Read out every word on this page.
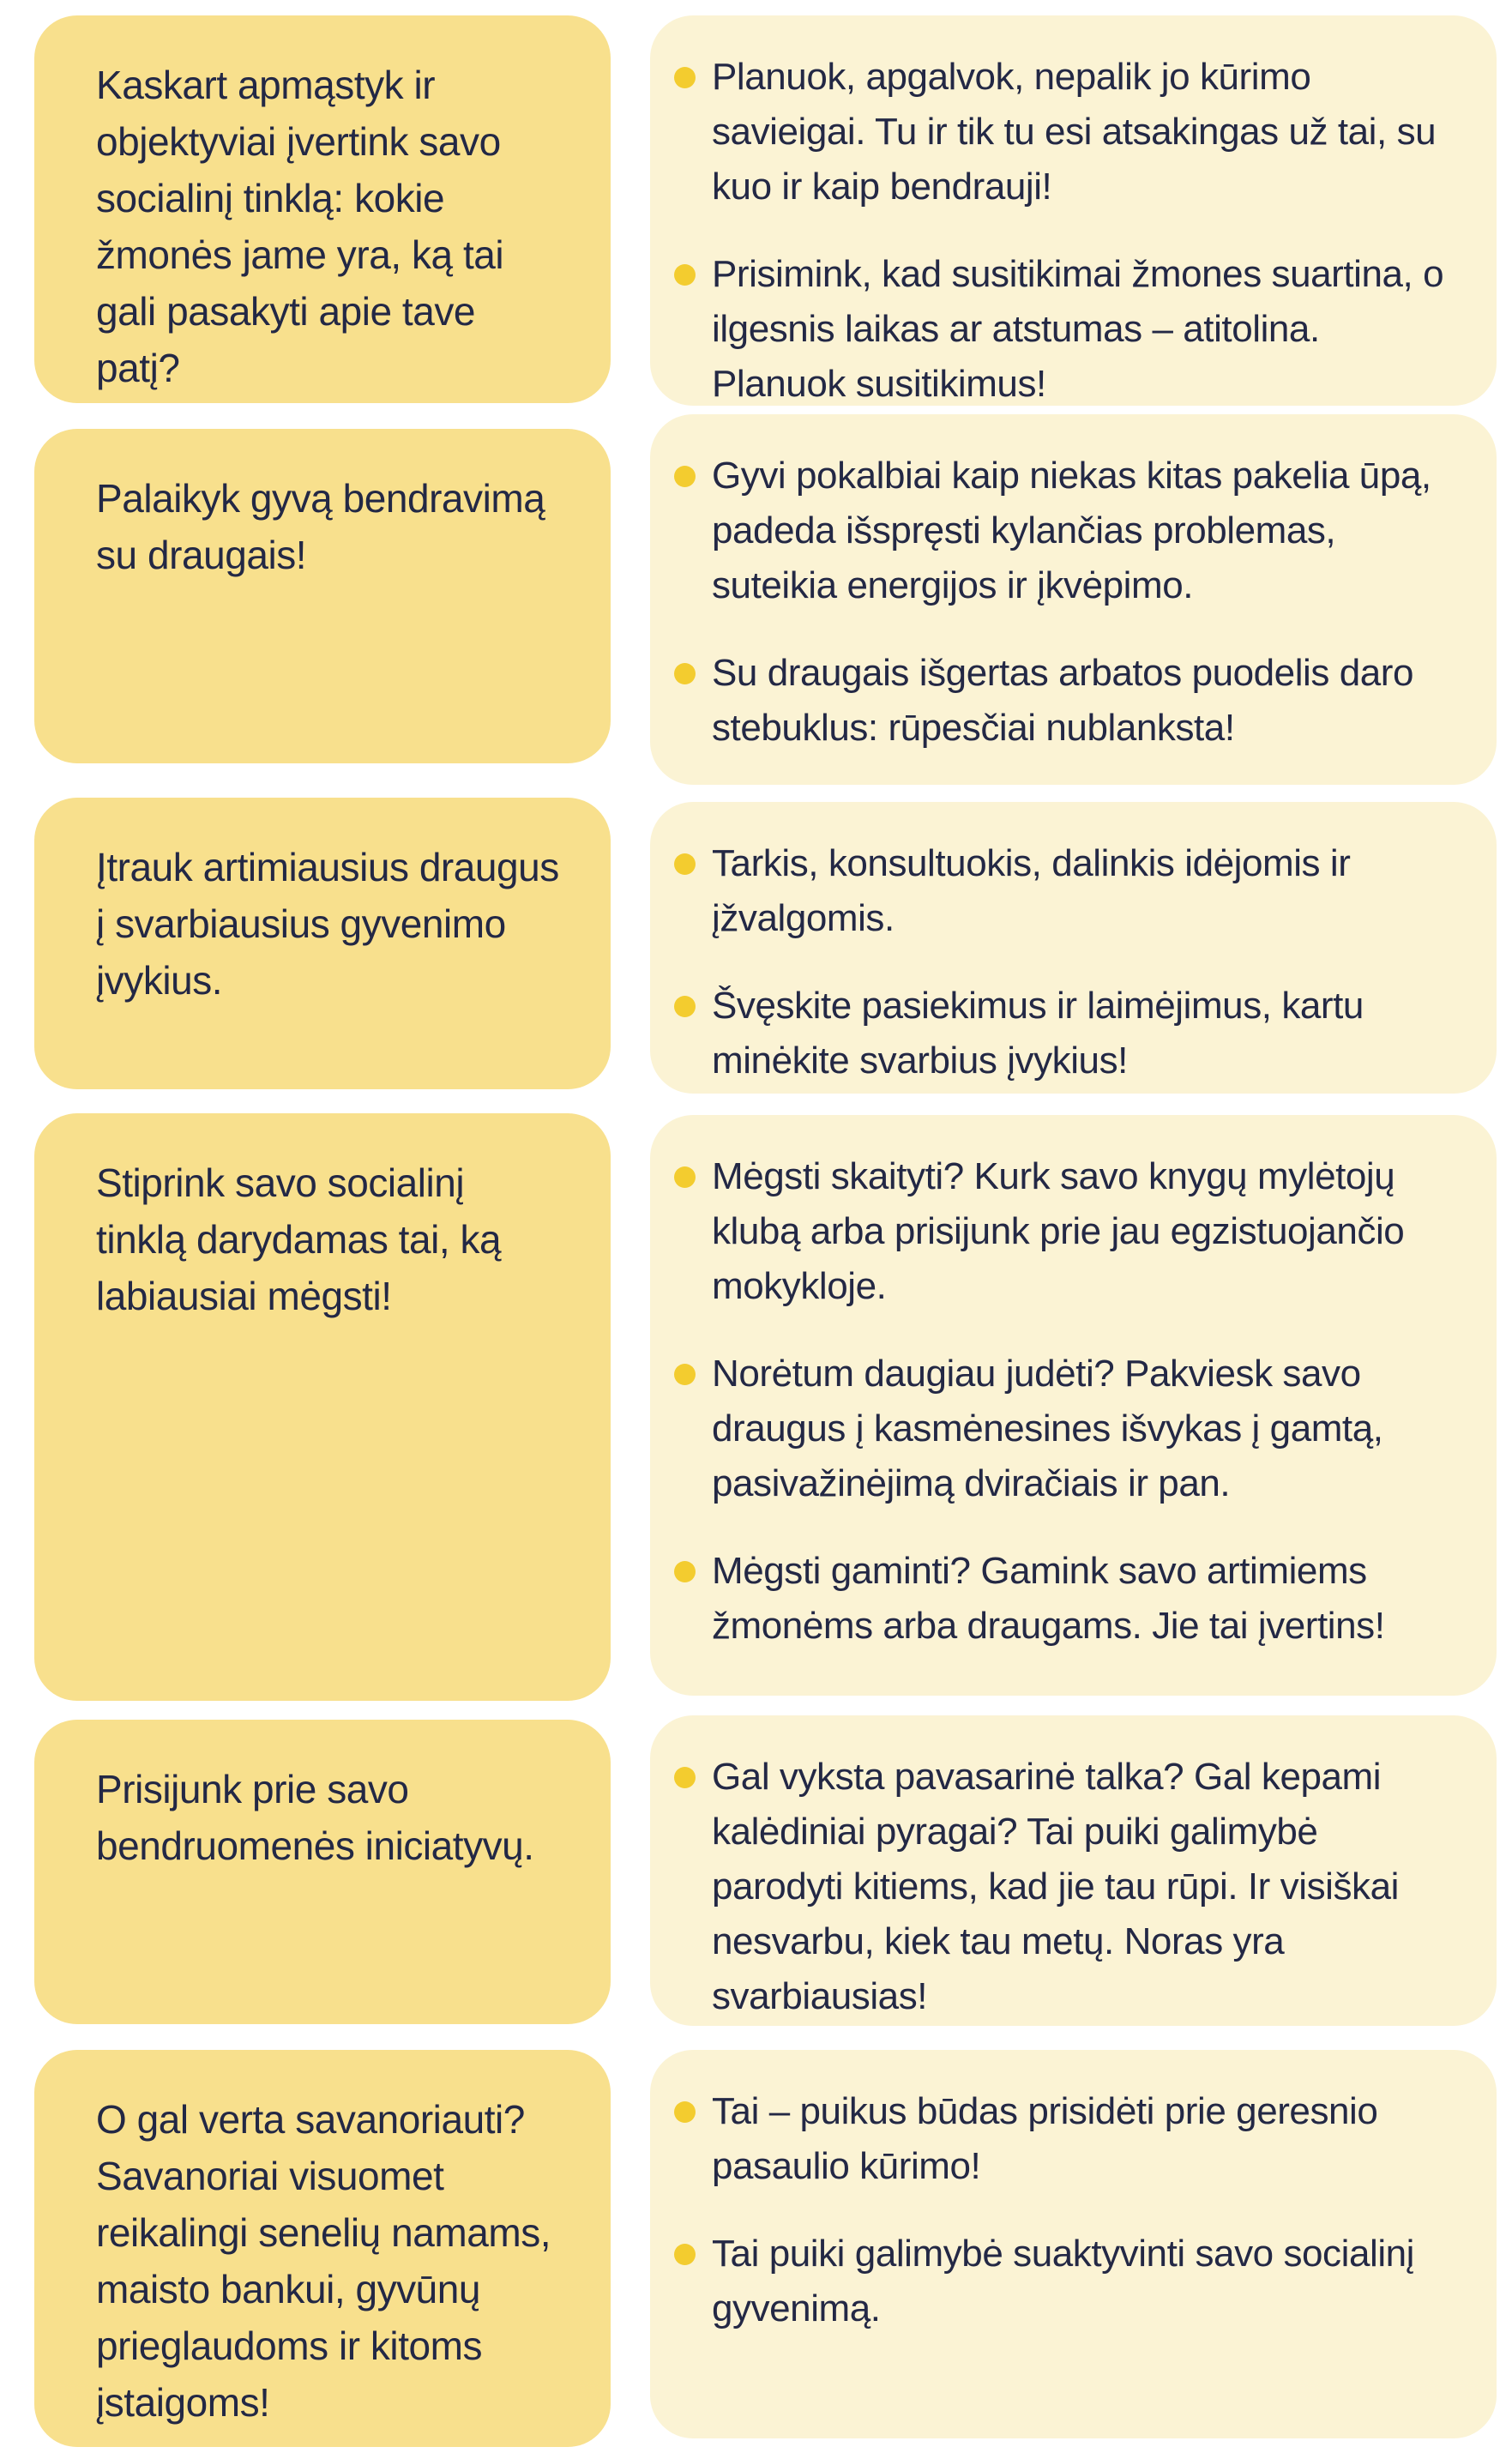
Kaskart apmąstyk ir objektyviai įvertink savo socialinį tinklą: kokie žmonės jame yra, ką tai gali pasakyti apie tave patį?

Planuok, apgalvok, nepalik jo kūrimo savieigai. Tu ir tik tu esi atsakingas už tai, su kuo ir kaip bendrauji!
Prisimink, kad susitikimai žmones suartina, o ilgesnis laikas ar atstumas – atitolina. Planuok susitikimus!

Palaikyk gyvą bendravimą su draugais!

Gyvi pokalbiai kaip niekas kitas pakelia ūpą, padeda išspręsti kylančias problemas, suteikia energijos ir įkvėpimo.
Su draugais išgertas arbatos puodelis daro stebuklus: rūpesčiai nublanksta!

Įtrauk artimiausius draugus į svarbiausius gyvenimo įvykius.

Tarkis, konsultuokis, dalinkis idėjomis ir įžvalgomis.
Švęskite pasiekimus ir laimėjimus, kartu minėkite svarbius įvykius!

Stiprink savo socialinį tinklą darydamas tai, ką labiausiai mėgsti!

Mėgsti skaityti? Kurk savo knygų mylėtojų klubą arba prisijunk prie jau egzistuojančio mokykloje.
Norėtum daugiau judėti? Pakviesk savo draugus į kasmėnesines išvykas į gamtą, pasivažinėjimą dviračiais ir pan.
Mėgsti gaminti? Gamink savo artimiems žmonėms arba draugams. Jie tai įvertins!

Prisijunk prie savo bendruomenės iniciatyvų.

Gal vyksta pavasarinė talka? Gal kepami kalėdiniai pyragai? Tai puiki galimybė parodyti kitiems, kad jie tau rūpi. Ir visiškai nesvarbu, kiek tau metų. Noras yra svarbiausias!

O gal verta savanoriauti? Savanoriai visuomet reikalingi senelių namams, maisto bankui, gyvūnų prieglaudoms ir kitoms įstaigoms!

Tai – puikus būdas prisidėti prie geresnio pasaulio kūrimo!
Tai puiki galimybė suaktyvinti savo socialinį gyvenimą.
